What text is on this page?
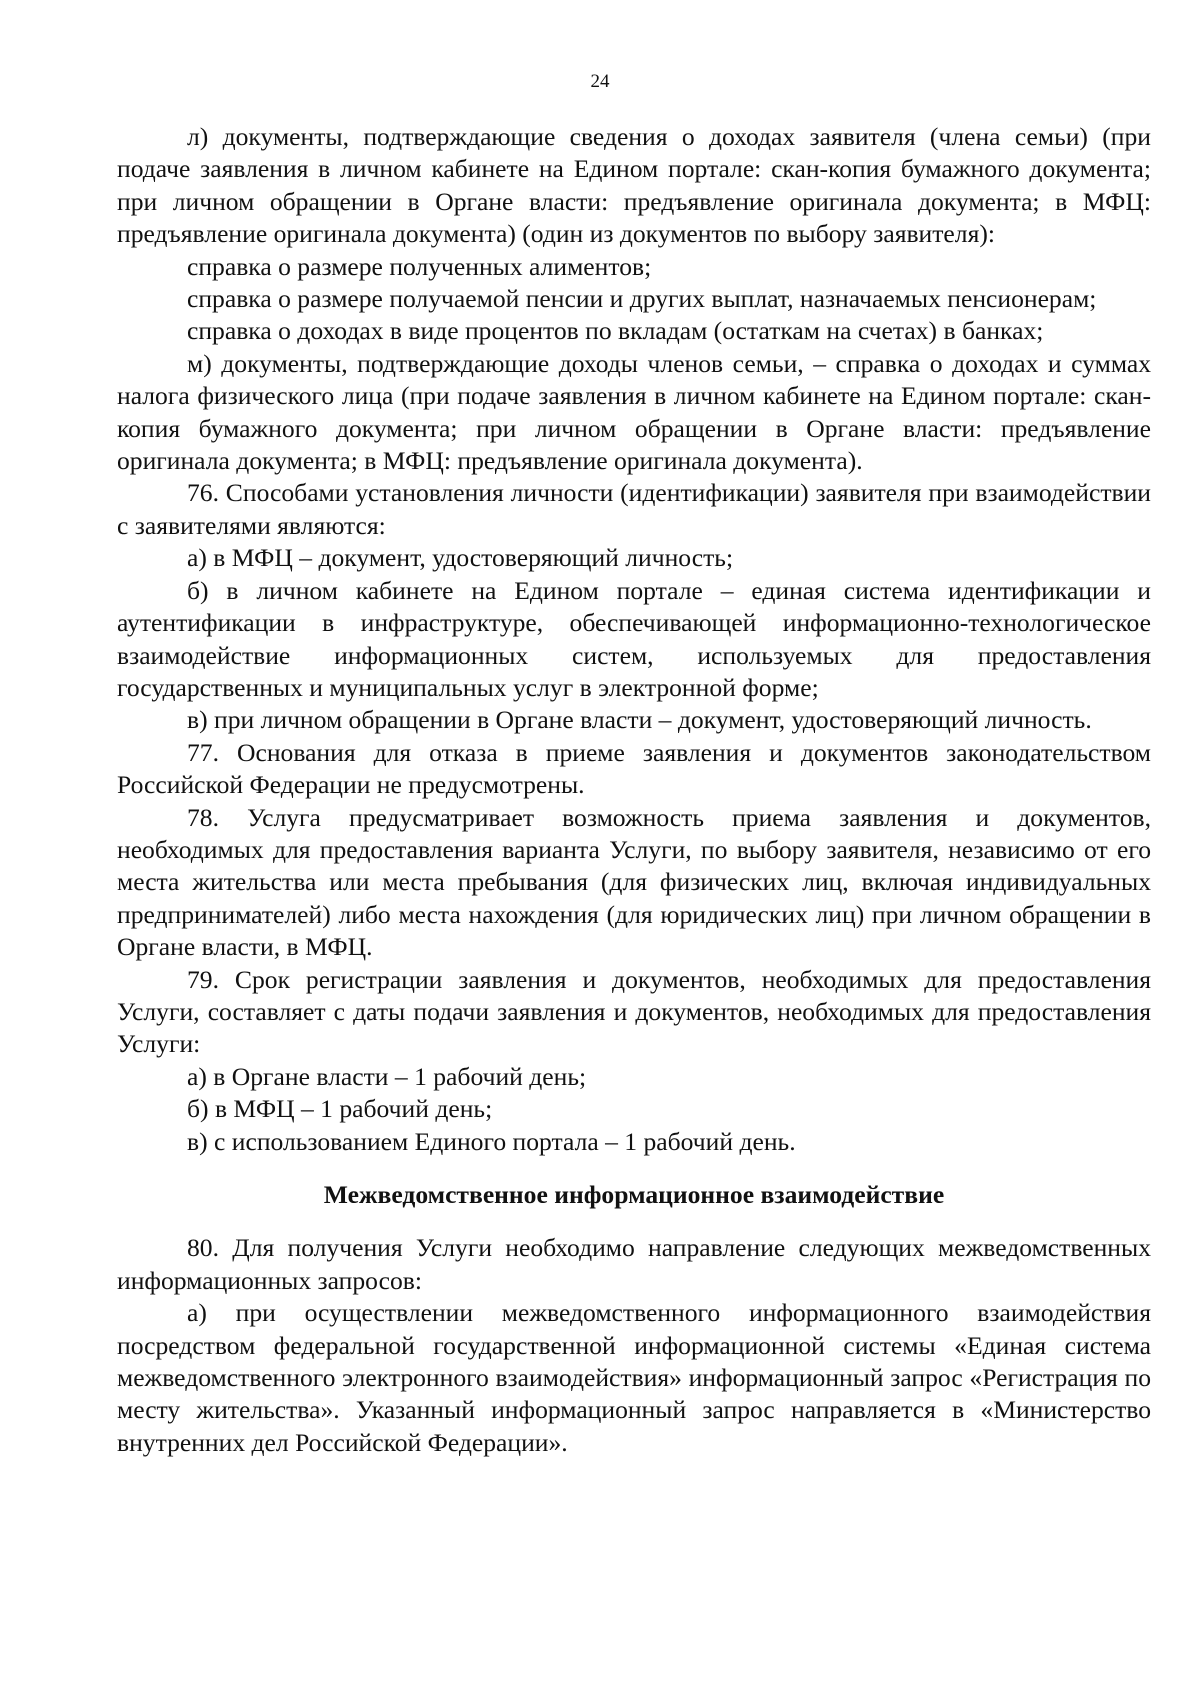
24

л) документы, подтверждающие сведения о доходах заявителя (члена семьи) (при подаче заявления в личном кабинете на Едином портале: скан-копия бумажного документа; при личном обращении в Органе власти: предъявление оригинала документа; в МФЦ: предъявление оригинала документа) (один из документов по выбору заявителя):

справка о размере полученных алиментов;

справка о размере получаемой пенсии и других выплат, назначаемых пенсионерам;

справка о доходах в виде процентов по вкладам (остаткам на счетах) в банках;

м) документы, подтверждающие доходы членов семьи, – справка о доходах и суммах налога физического лица (при подаче заявления в личном кабинете на Едином портале: скан-копия бумажного документа; при личном обращении в Органе власти: предъявление оригинала документа; в МФЦ: предъявление оригинала документа).

76. Способами установления личности (идентификации) заявителя при взаимодействии с заявителями являются:

а) в МФЦ – документ, удостоверяющий личность;

б) в личном кабинете на Едином портале – единая система идентификации и аутентификации в инфраструктуре, обеспечивающей информационно-технологическое взаимодействие информационных систем, используемых для предоставления государственных и муниципальных услуг в электронной форме;

в) при личном обращении в Органе власти – документ, удостоверяющий личность.

77. Основания для отказа в приеме заявления и документов законодательством Российской Федерации не предусмотрены.

78. Услуга предусматривает возможность приема заявления и документов, необходимых для предоставления варианта Услуги, по выбору заявителя, независимо от его места жительства или места пребывания (для физических лиц, включая индивидуальных предпринимателей) либо места нахождения (для юридических лиц) при личном обращении в Органе власти, в МФЦ.

79. Срок регистрации заявления и документов, необходимых для предоставления Услуги, составляет с даты подачи заявления и документов, необходимых для предоставления Услуги:

а) в Органе власти – 1 рабочий день;

б) в МФЦ – 1 рабочий день;

в) с использованием Единого портала – 1 рабочий день.

Межведомственное информационное взаимодействие

80. Для получения Услуги необходимо направление следующих межведомственных информационных запросов:

а) при осуществлении межведомственного информационного взаимодействия посредством федеральной государственной информационной системы «Единая система межведомственного электронного взаимодействия» информационный запрос «Регистрация по месту жительства». Указанный информационный запрос направляется в «Министерство внутренних дел Российской Федерации».
